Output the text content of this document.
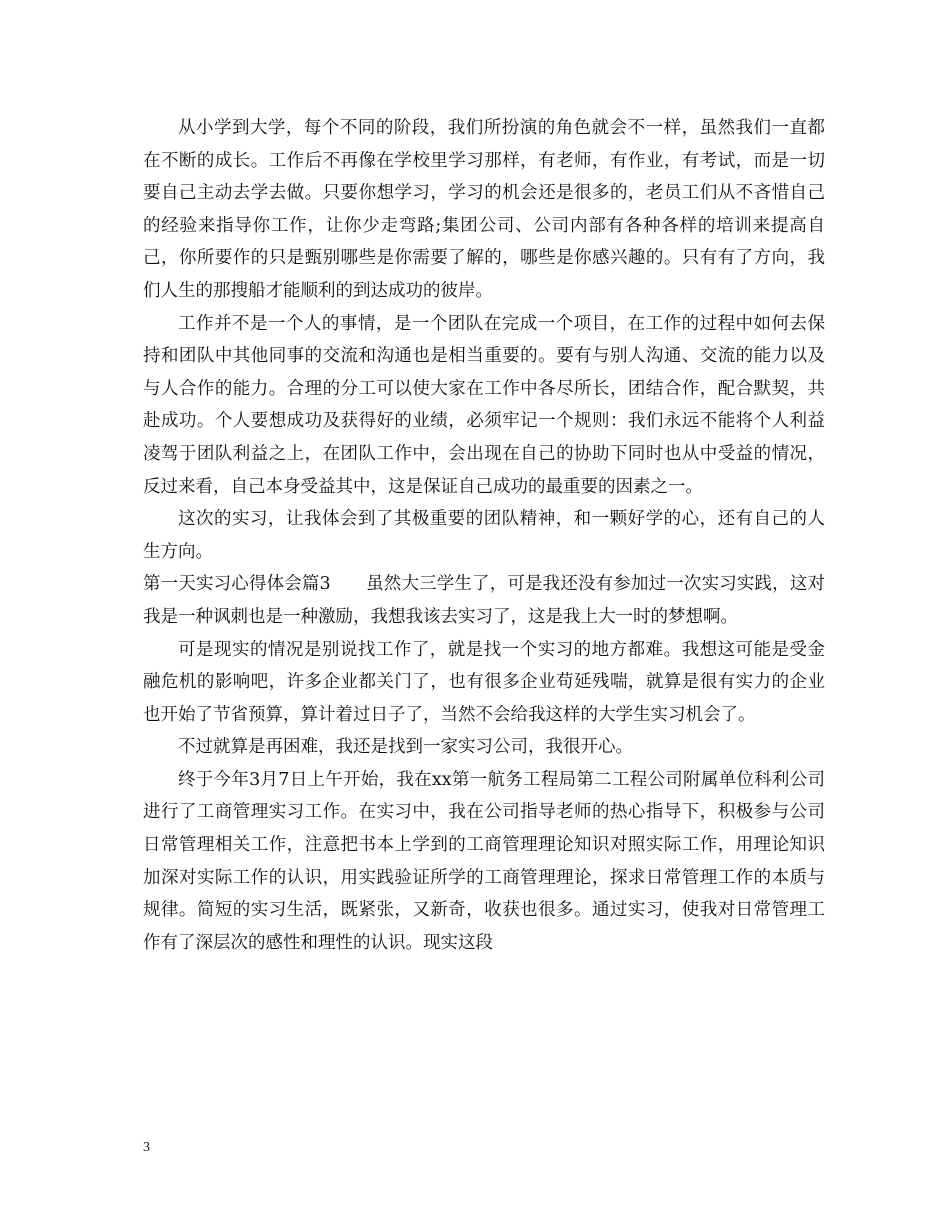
从小学到大学，每个不同的阶段，我们所扮演的角色就会不一样，虽然我们一直都在不断的成长。工作后不再像在学校里学习那样，有老师，有作业，有考试，而是一切要自己主动去学去做。只要你想学习，学习的机会还是很多的，老员工们从不吝惜自己的经验来指导你工作，让你少走弯路;集团公司、公司内部有各种各样的培训来提高自己，你所要作的只是甄别哪些是你需要了解的，哪些是你感兴趣的。只有有了方向，我们人生的那搜船才能顺利的到达成功的彼岸。

工作并不是一个人的事情，是一个团队在完成一个项目，在工作的过程中如何去保持和团队中其他同事的交流和沟通也是相当重要的。要有与别人沟通、交流的能力以及与人合作的能力。合理的分工可以使大家在工作中各尽所长，团结合作，配合默契，共赴成功。个人要想成功及获得好的业绩，必须牢记一个规则：我们永远不能将个人利益凌驾于团队利益之上，在团队工作中，会出现在自己的协助下同时也从中受益的情况，反过来看，自己本身受益其中，这是保证自己成功的最重要的因素之一。

这次的实习，让我体会到了其极重要的团队精神，和一颗好学的心，还有自己的人生方向。

第一天实习心得体会篇3　　虽然大三学生了，可是我还没有参加过一次实习实践，这对我是一种讽刺也是一种激励，我想我该去实习了，这是我上大一时的梦想啊。

可是现实的情况是别说找工作了，就是找一个实习的地方都难。我想这可能是受金融危机的影响吧，许多企业都关门了，也有很多企业苟延残喘，就算是很有实力的企业也开始了节省预算，算计着过日子了，当然不会给我这样的大学生实习机会了。

不过就算是再困难，我还是找到一家实习公司，我很开心。

终于今年3月7日上午开始，我在xx第一航务工程局第二工程公司附属单位科利公司进行了工商管理实习工作。在实习中，我在公司指导老师的热心指导下，积极参与公司日常管理相关工作，注意把书本上学到的工商管理理论知识对照实际工作，用理论知识加深对实际工作的认识，用实践验证所学的工商管理理论，探求日常管理工作的本质与规律。简短的实习生活，既紧张，又新奇，收获也很多。通过实习，使我对日常管理工作有了深层次的感性和理性的认识。现实这段

3
